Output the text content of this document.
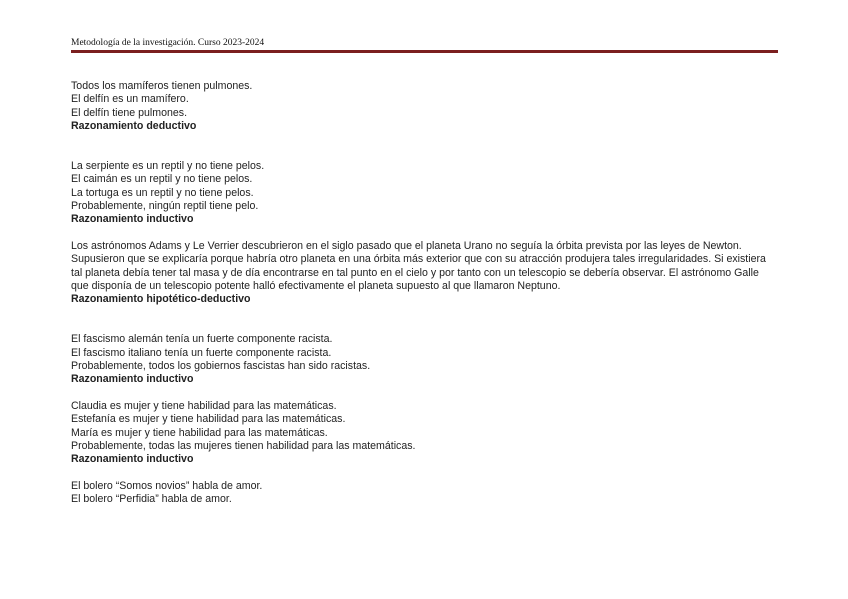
Metodología de la investigación. Curso 2023-2024
Todos los mamíferos tienen pulmones.
El delfín es un mamífero.
El delfín tiene pulmones.
Razonamiento deductivo
La serpiente es un reptil y no tiene pelos.
El caimán es un reptil y no tiene pelos.
La tortuga es un reptil y no tiene pelos.
Probablemente, ningún reptil tiene pelo.
Razonamiento inductivo
Los astrónomos Adams y Le Verrier descubrieron en el siglo pasado que el planeta Urano no seguía la órbita prevista por las leyes de Newton. Supusieron que se explicaría porque habría otro planeta en una órbita más exterior que con su atracción produjera tales irregularidades. Si existiera tal planeta debía tener tal masa y de día encontrarse en tal punto en el cielo y por tanto con un telescopio se debería observar. El astrónomo Galle que disponía de un telescopio potente halló efectivamente el planeta supuesto al que llamaron Neptuno.
Razonamiento hipotético-deductivo
El fascismo alemán tenía un fuerte componente racista.
El fascismo italiano tenía un fuerte componente racista.
Probablemente, todos los gobiernos fascistas han sido racistas.
Razonamiento inductivo
Claudia es mujer y tiene habilidad para las matemáticas.
Estefanía es mujer y tiene habilidad para las matemáticas.
María es mujer y tiene habilidad para las matemáticas.
Probablemente, todas las mujeres tienen habilidad para las matemáticas.
Razonamiento inductivo
El bolero “Somos novios” habla de amor.
El bolero “Perfidia” habla de amor.
